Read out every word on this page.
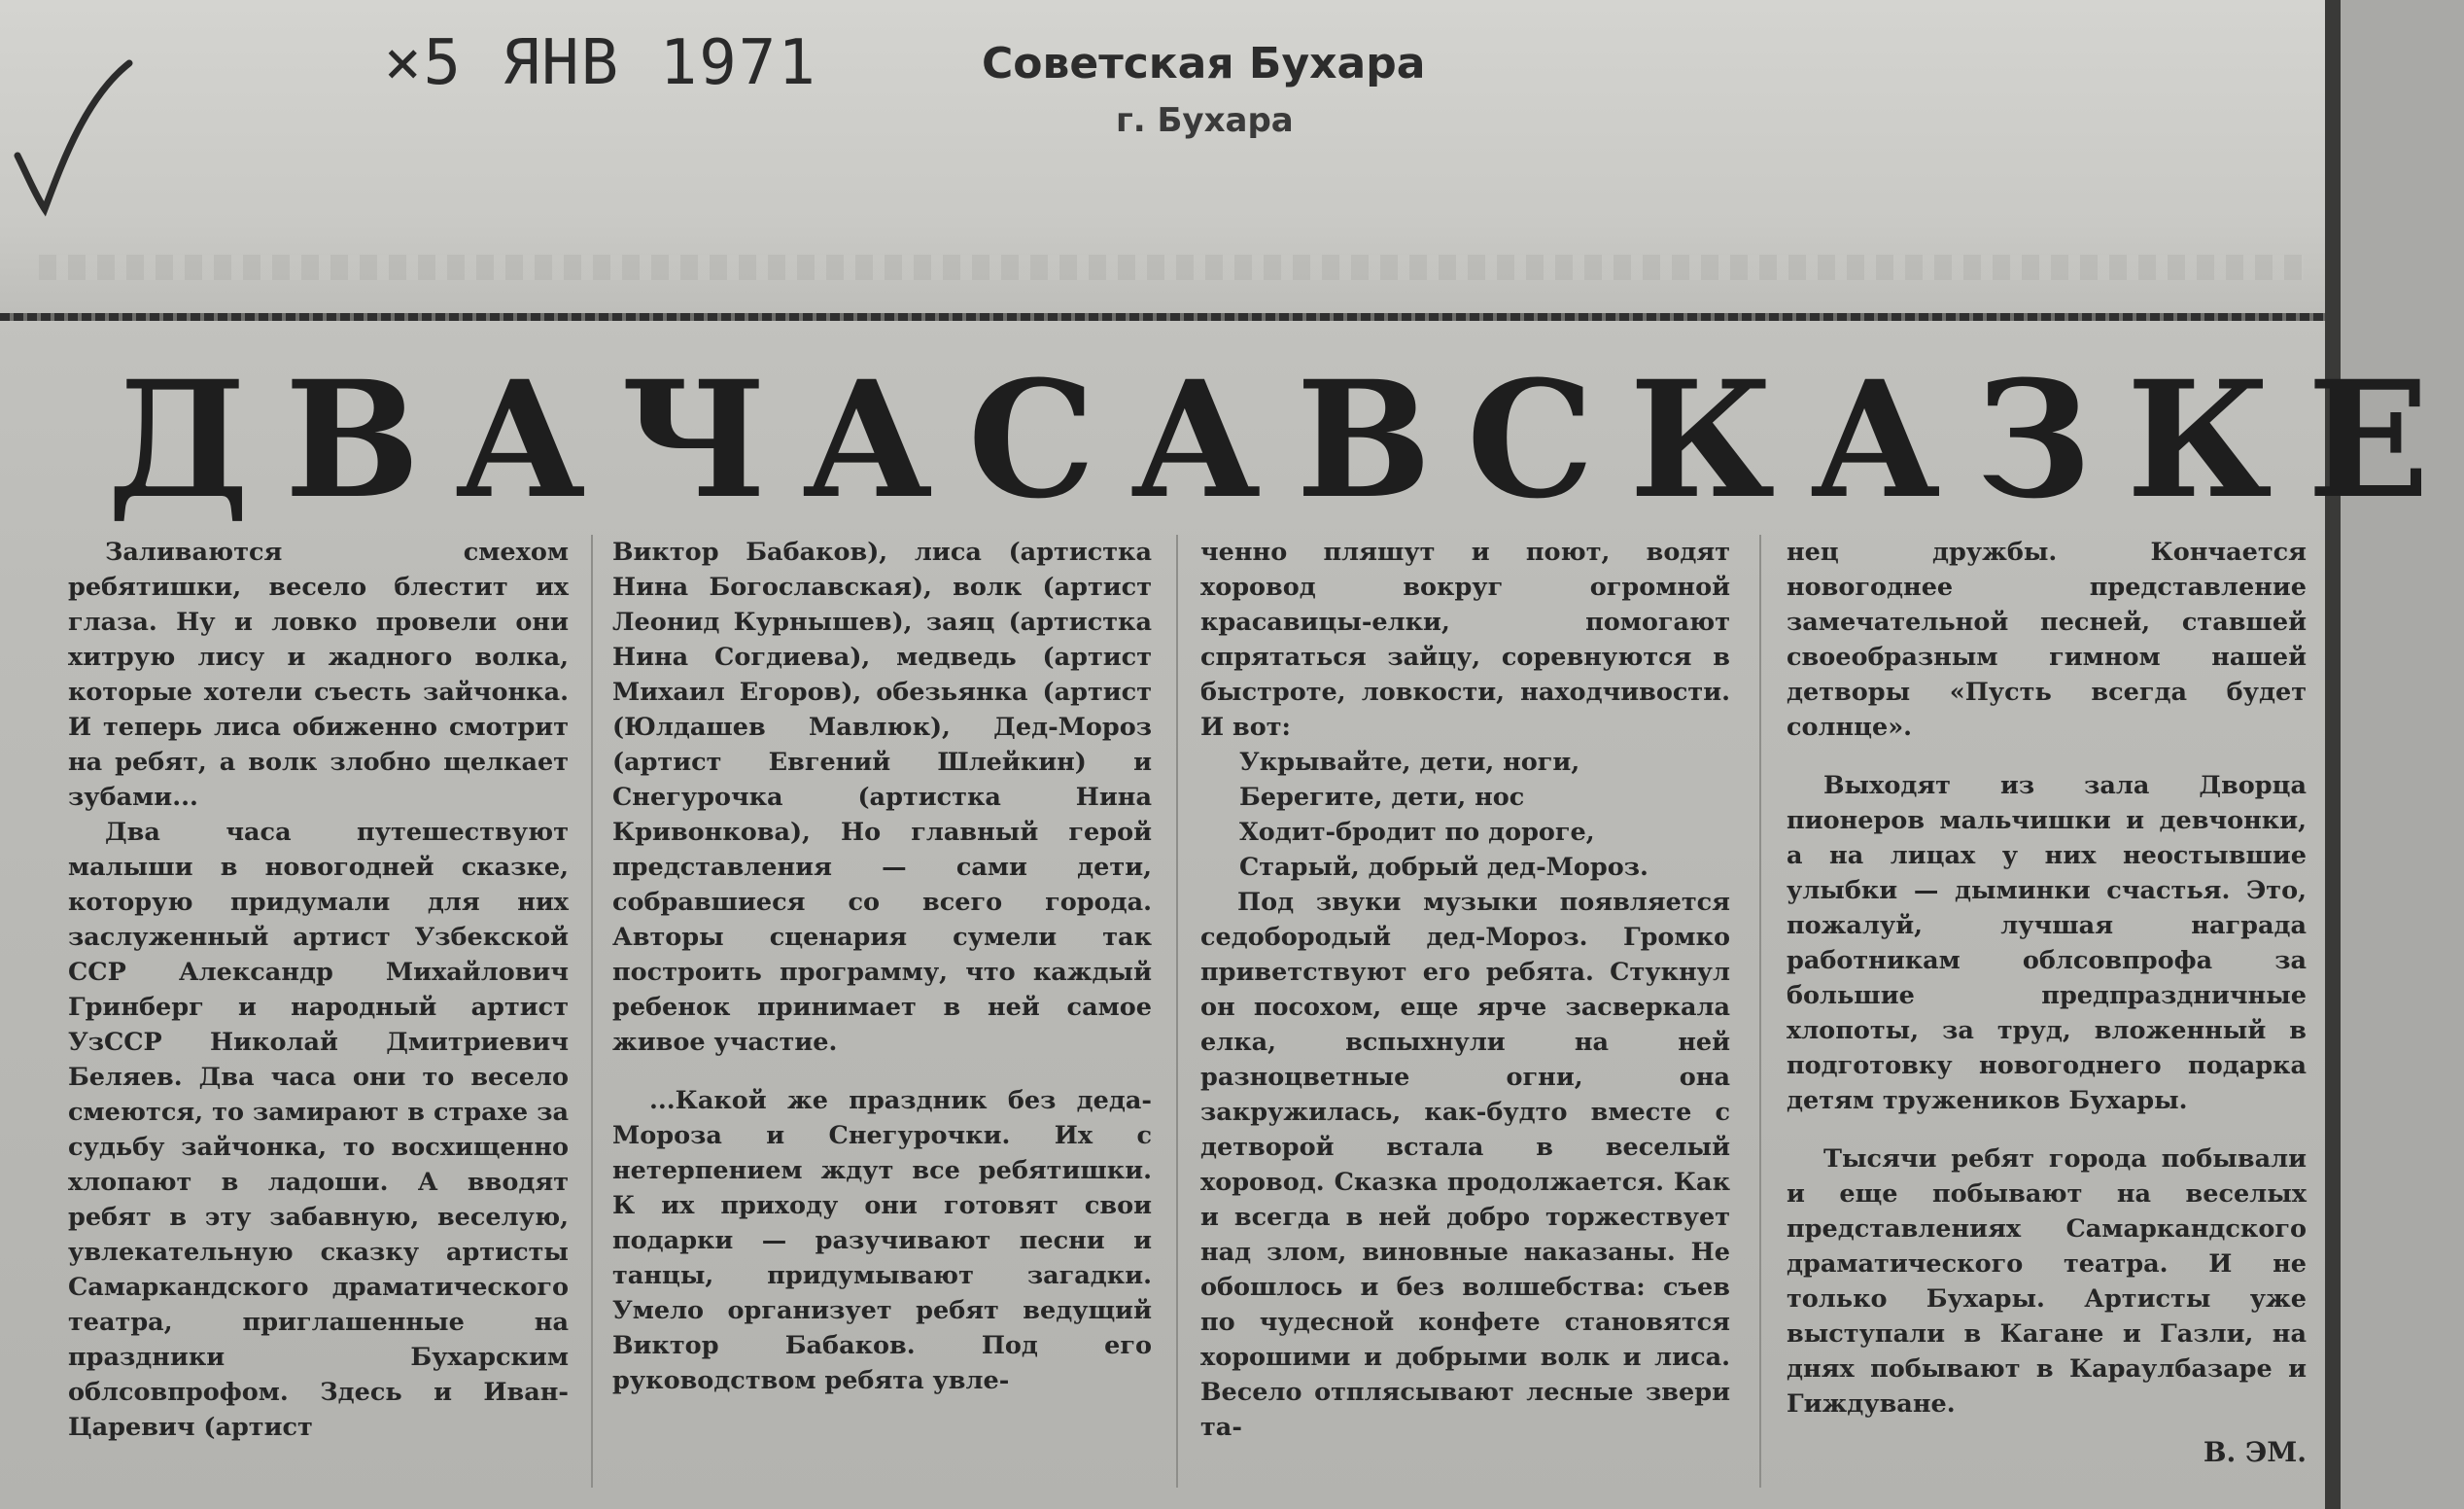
×5 ЯНВ 1971	Советская Бухара
г. Бухара
ДВА ЧАСА В СКАЗКЕ

Заливаются смехом ребятишки, весело блестит их глаза. Ну и ловко провели они хитрую лису и жадного волка, которые хотели съесть зайчонка. И теперь лиса обиженно смотрит на ребят, а волк злобно щелкает зубами...

Два часа путешествуют малыши в новогодней сказке, которую придумали для них заслуженный артист Узбекской ССР Александр Михайлович Гринберг и народный артист УзССР Николай Дмитриевич Беляев. Два часа они то весело смеются, то замирают в страхе за судьбу зайчонка, то восхищенно хлопают в ладоши. А вводят ребят в эту забавную, веселую, увлекательную сказку артисты Самаркандского драматического театра, приглашенные на праздники Бухарским облсовпрофом. Здесь и Иван-Царевич (артист

Виктор Бабаков), лиса (артистка Нина Богославская), волк (артист Леонид Курнышев), заяц (артистка Нина Согдиева), медведь (артист Михаил Егоров), обезьянка (артист (Юлдашев Мавлюк), Дед-Мороз (артист Евгений Шлейкин) и Снегурочка (артистка Нина Кривонкова), Но главный герой представления — сами дети, собравшиеся со всего города. Авторы сценария сумели так построить программу, что каждый ребенок принимает в ней самое живое участие.

...Какой же праздник без деда-Мороза и Снегурочки. Их с нетерпением ждут все ребятишки. К их приходу они готовят свои подарки — разучивают песни и танцы, придумывают загадки. Умело организует ребят ведущий Виктор Бабаков. Под его руководством ребята увле-

ченно пляшут и поют, водят хоровод вокруг огромной красавицы-елки, помогают спрятаться зайцу, соревнуются в быстроте, ловкости, находчивости. И вот:

Укрывайте, дети, ноги,

Берегите, дети, нос

Ходит-бродит по дороге,

Старый, добрый дед-Мороз.

Под звуки музыки появляется седобородый дед-Мороз. Громко приветствуют его ребята. Стукнул он посохом, еще ярче засверкала елка, вспыхнули на ней разноцветные огни, она закружилась, как-будто вместе с детворой встала в веселый хоровод. Сказка продолжается. Как и всегда в ней добро торжествует над злом, виновные наказаны. Не обошлось и без волшебства: съев по чудесной конфете становятся хорошими и добрыми волк и лиса. Весело отплясывают лесные звери та-

нец дружбы. Кончается новогоднее представление замечательной песней, ставшей своеобразным гимном нашей детворы «Пусть всегда будет солнце».

Выходят из зала Дворца пионеров мальчишки и девчонки, а на лицах у них неостывшие улыбки — дыминки счастья. Это, пожалуй, лучшая награда работникам облсовпрофа за большие предпраздничные хлопоты, за труд, вложенный в подготовку новогоднего подарка детям тружеников Бухары.

Тысячи ребят города побывали и еще побывают на веселых представлениях Самаркандского драматического театра. И не только Бухары. Артисты уже выступали в Кагане и Газли, на днях побывают в Караулбазаре и Гиждуване.

В. ЭМ.
